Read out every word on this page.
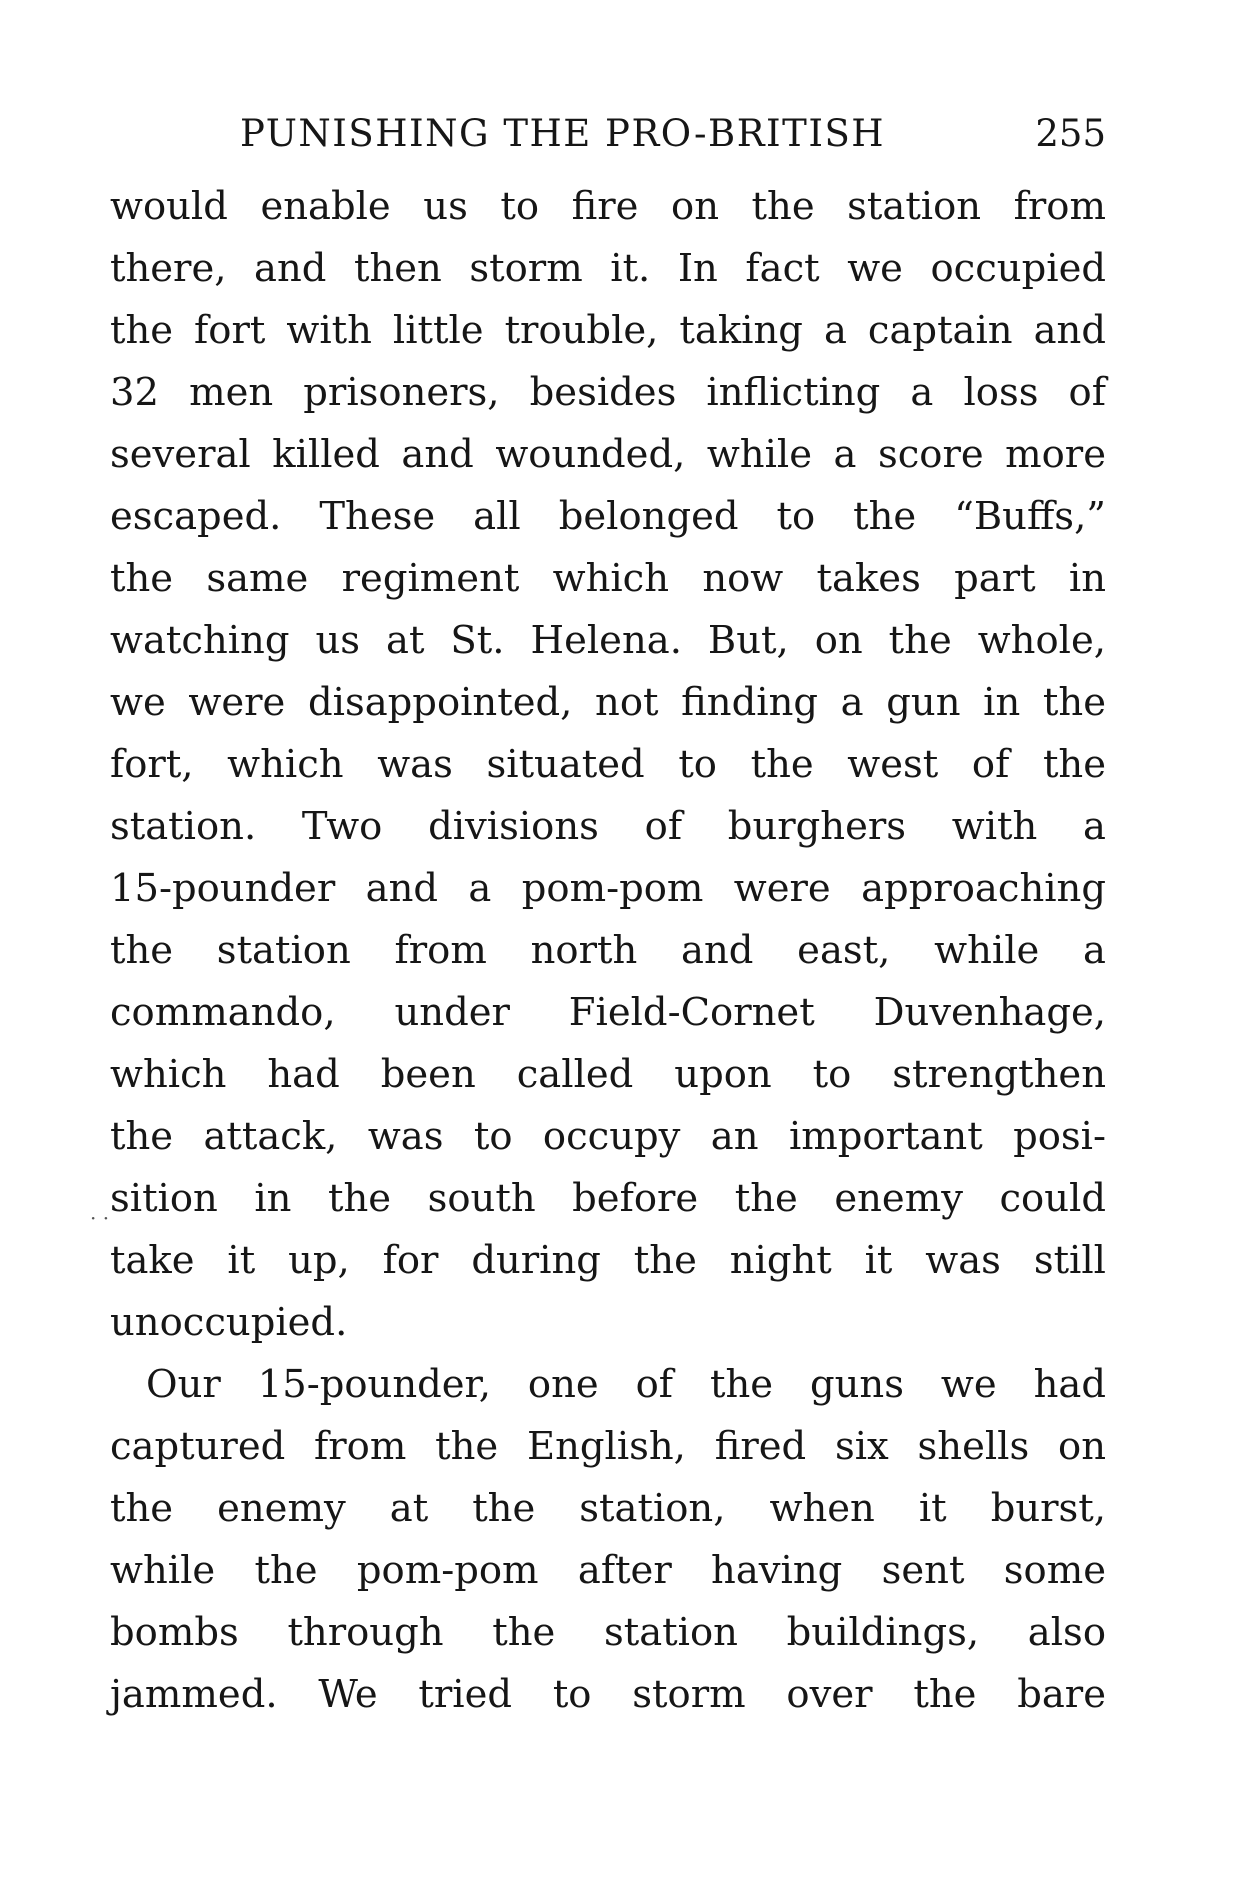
PUNISHING THE PRO-BRITISH	255
· ·
would enable us to fire on the station from
there, and then storm it. In fact we occupied
the fort with little trouble, taking a captain and
32 men prisoners, besides inflicting a loss of
several killed and wounded, while a score more
escaped. These all belonged to the “Buffs,”
the same regiment which now takes part in
watching us at St. Helena. But, on the whole,
we were disappointed, not finding a gun in the
fort, which was situated to the west of the
station. Two divisions of burghers with a
15-pounder and a pom-pom were approaching
the station from north and east, while a
commando, under Field-Cornet Duvenhage,
which had been called upon to strengthen
the attack, was to occupy an important posi-
sition in the south before the enemy could
take it up, for during the night it was still
unoccupied.
Our 15-pounder, one of the guns we had
captured from the English, fired six shells on
the enemy at the station, when it burst,
while the pom-pom after having sent some
bombs through the station buildings, also
jammed. We tried to storm over the bare
